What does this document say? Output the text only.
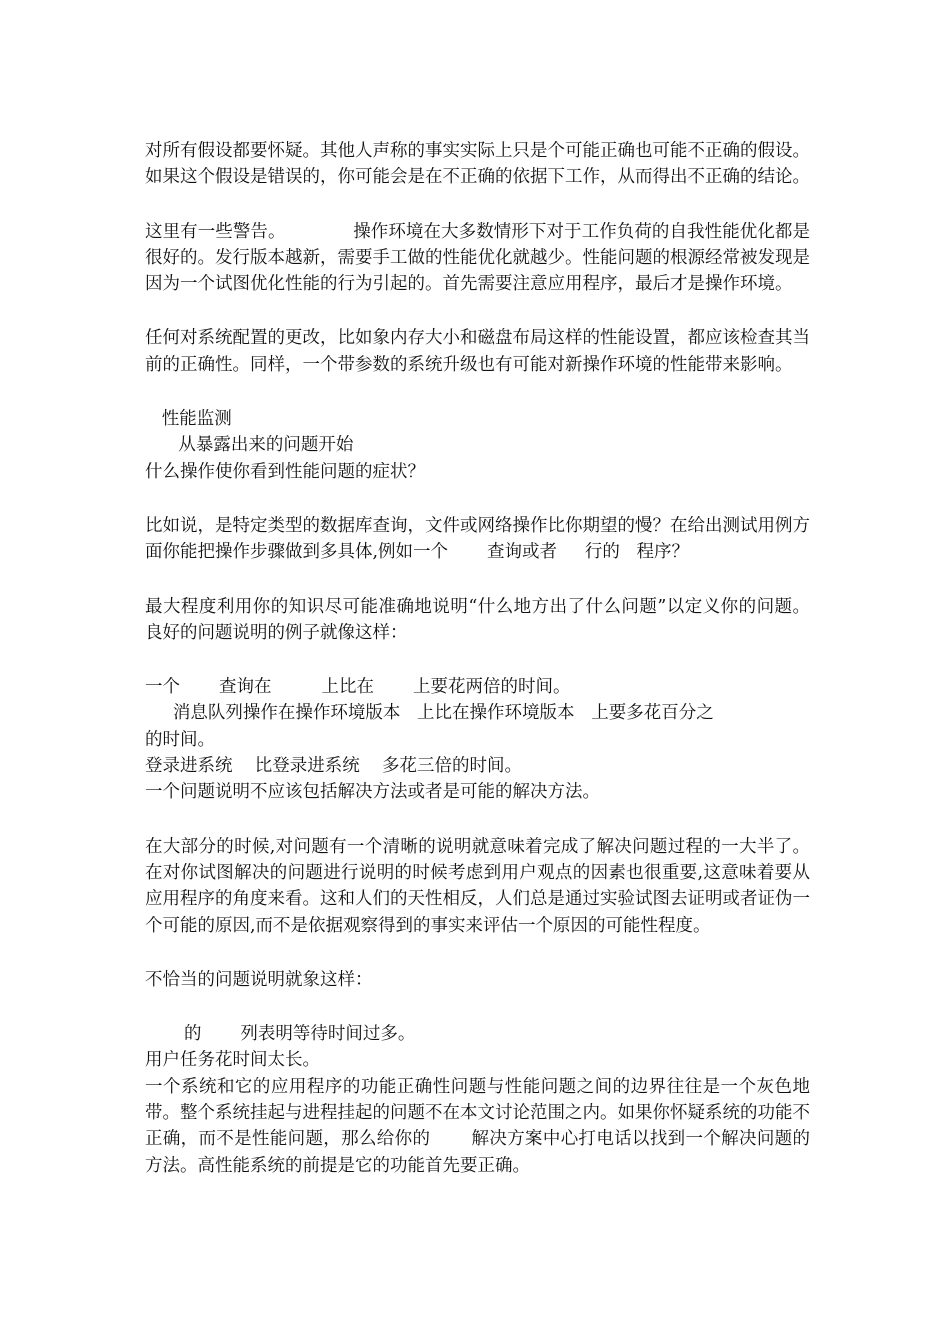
对所有假设都要怀疑。其他人声称的事实实际上只是个可能正确也可能不正确的假设。如果这个假设是错误的，你可能会是在不正确的依据下工作，从而得出不正确的结论。

这里有一些警告。            操作环境在大多数情形下对于工作负荷的自我性能优化都是很好的。发行版本越新，需要手工做的性能优化就越少。性能问题的根源经常被发现是因为一个试图优化性能的行为引起的。首先需要注意应用程序，最后才是操作环境。

任何对系统配置的更改，比如象内存大小和磁盘布局这样的性能设置，都应该检查其当前的正确性。同样，一个带参数的系统升级也有可能对新操作环境的性能带来影响。

性能监测

从暴露出来的问题开始

什么操作使你看到性能问题的症状？

比如说，是特定类型的数据库查询，文件或网络操作比你期望的慢？在给出测试用例方面你能把操作步骤做到多具体,例如一个       查询或者     行的   程序？

最大程度利用你的知识尽可能准确地说明“什么地方出了什么问题”以定义你的问题。良好的问题说明的例子就像这样：

一个       查询在         上比在       上要花两倍的时间。

消息队列操作在操作环境版本   上比在操作环境版本   上要多花百分之

的时间。

登录进系统    比登录进系统    多花三倍的时间。

一个问题说明不应该包括解决方法或者是可能的解决方法。

在大部分的时候,对问题有一个清晰的说明就意味着完成了解决问题过程的一大半了。在对你试图解决的问题进行说明的时候考虑到用户观点的因素也很重要,这意味着要从应用程序的角度来看。这和人们的天性相反，人们总是通过实验试图去证明或者证伪一个可能的原因,而不是依据观察得到的事实来评估一个原因的可能性程度。

不恰当的问题说明就象这样：

的       列表明等待时间过多。

用户任务花时间太长。

一个系统和它的应用程序的功能正确性问题与性能问题之间的边界往往是一个灰色地带。整个系统挂起与进程挂起的问题不在本文讨论范围之内。如果你怀疑系统的功能不正确，而不是性能问题，那么给你的       解决方案中心打电话以找到一个解决问题的方法。高性能系统的前提是它的功能首先要正确。
